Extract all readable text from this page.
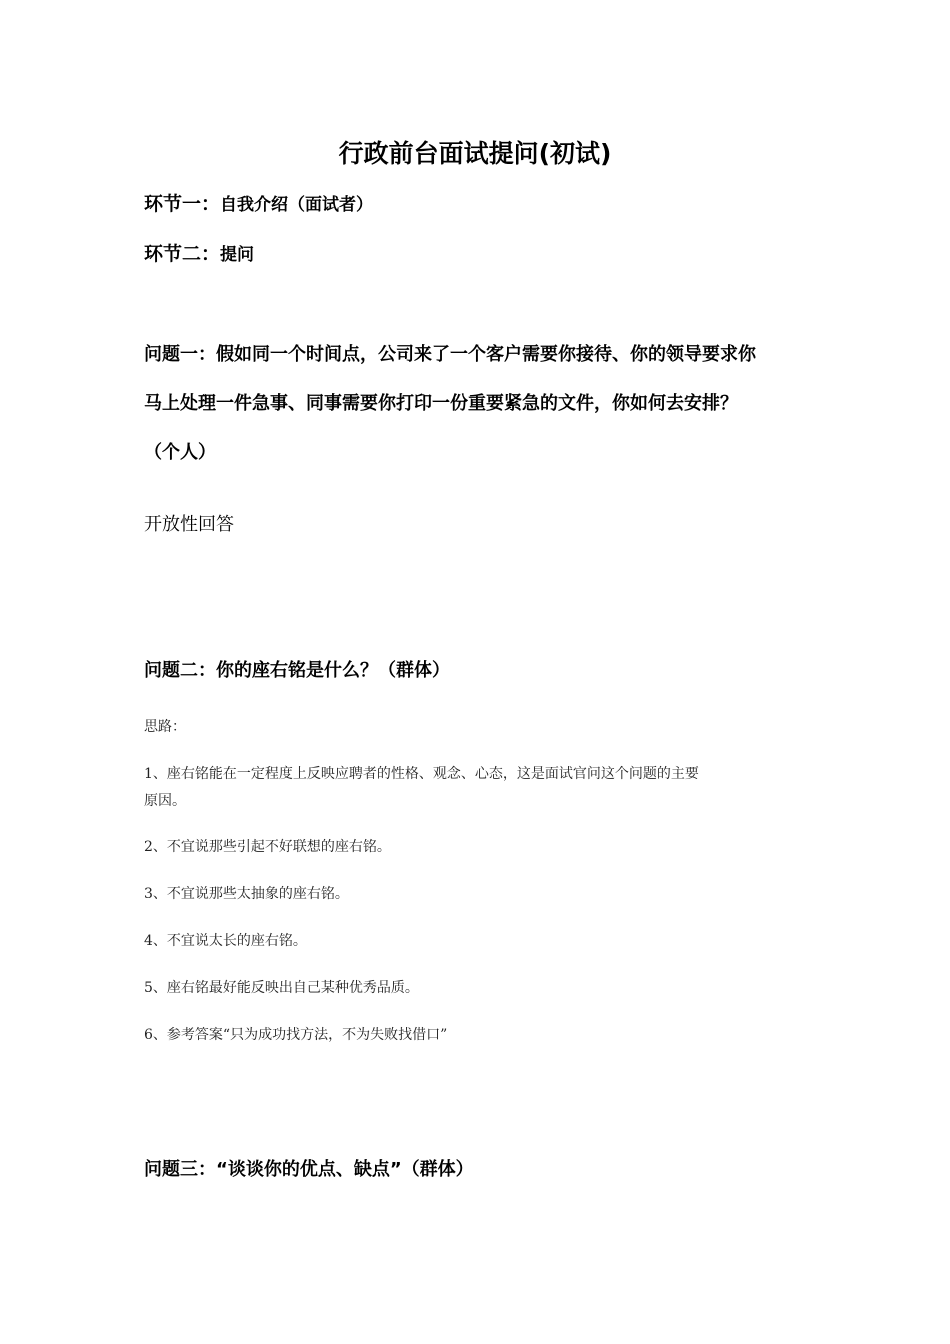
行政前台面试提问(初试)
环节一：自我介绍（面试者）
环节二：提问
问题一：假如同一个时间点，公司来了一个客户需要你接待、你的领导要求你
马上处理一件急事、同事需要你打印一份重要紧急的文件，你如何去安排？
（个人）
开放性回答
问题二：你的座右铭是什么？（群体）
思路：
1、座右铭能在一定程度上反映应聘者的性格、观念、心态，这是面试官问这个问题的主要
原因。
2、不宜说那些引起不好联想的座右铭。
3、不宜说那些太抽象的座右铭。
4、不宜说太长的座右铭。
5、座右铭最好能反映出自己某种优秀品质。
6、参考答案“只为成功找方法，不为失败找借口”
问题三：“谈谈你的优点、缺点”（群体）
